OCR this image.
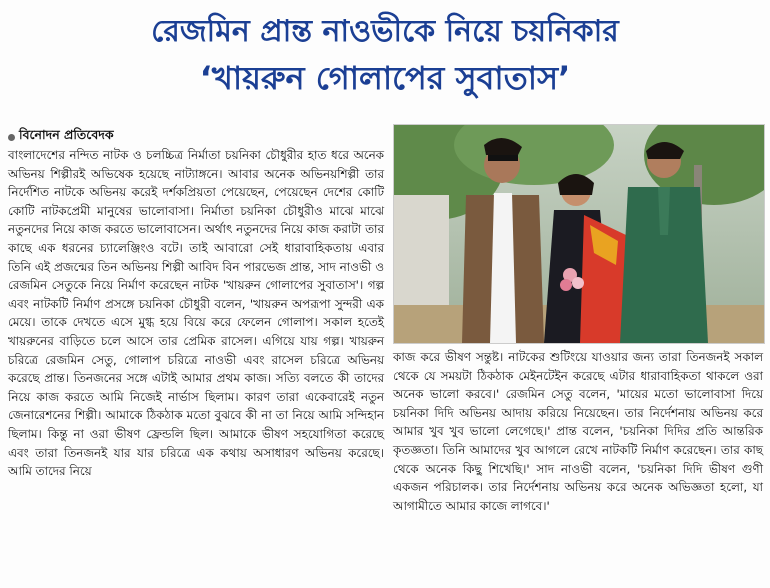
রেজমিন প্রান্ত নাওভীকে নিয়ে চয়নিকার
‘খায়রুন গোলাপের সুবাতাস’
বিনোদন প্রতিবেদক

বাংলাদেশের নন্দিত নাটক ও চলচ্চিত্র নির্মাতা চয়নিকা চৌধুরীর হাত ধরে অনেক অভিনয় শিল্পীরই অভিষেক হয়েছে নাট্যাঙ্গনে। আবার অনেক অভিনয়শিল্পী তার নির্দেশিত নাটকে অভিনয় করেই দর্শকপ্রিয়তা পেয়েছেন, পেয়েছেন দেশের কোটি কোটি নাটকপ্রেমী মানুষের ভালোবাসা। নির্মাতা চয়নিকা চৌধুরীও মাঝে মাঝে নতুনদের নিয়ে কাজ করতে ভালোবাসেন। অর্থাৎ নতুনদের নিয়ে কাজ করাটা তার কাছে এক ধরনের চ্যালেঞ্জিংও বটে। তাই আবারো সেই ধারাবাহিকতায় এবার তিনি এই প্রজন্মের তিন অভিনয় শিল্পী আবিদ বিন পারভেজ প্রান্ত, সাদ নাওভী ও রেজমিন সেতুকে নিয়ে নির্মাণ করেছেন নাটক 'খায়রুন গোলাপের সুবাতাস'। গল্প এবং নাটকটি নির্মাণ প্রসঙ্গে চয়নিকা চৌধুরী বলেন, 'খায়রুন অপরূপা সুন্দরী এক মেয়ে। তাকে দেখতে এসে মুগ্ধ হয়ে বিয়ে করে ফেলেন গোলাপ। সকাল হতেই খায়রুনের বাড়িতে চলে আসে তার প্রেমিক রাসেল। এগিয়ে যায় গল্প। খায়রুন চরিত্রে রেজমিন সেতু, গোলাপ চরিত্রে নাওভী এবং রাসেল চরিত্রে অভিনয় করেছে প্রান্ত। তিনজনের সঙ্গে এটাই আমার প্রথম কাজ। সত্যি বলতে কী তাদের নিয়ে কাজ করতে আমি নিজেই নার্ভাস ছিলাম। কারণ তারা একেবারেই নতুন জেনারেশনের শিল্পী। আমাকে ঠিকঠাক মতো বুঝবে কী না তা নিয়ে আমি সন্দিহান ছিলাম। কিন্তু না ওরা ভীষণ ফ্রেন্ডলি ছিল। আমাকে ভীষণ সহযোগিতা করেছে এবং তারা তিনজনই যার যার চরিত্রে এক কথায় অসাধারণ অভিনয় করেছে। আমি তাদের নিয়ে

কাজ করে ভীষণ সন্তুষ্ট। নাটকের শুটিংয়ে যাওয়ার জন্য তারা তিনজনই সকাল থেকে যে সময়টা ঠিকঠাক মেইনটেইন করেছে এটার ধারাবাহিকতা থাকলে ওরা অনেক ভালো করবে।' রেজমিন সেতু বলেন, 'মায়ের মতো ভালোবাসা দিয়ে চয়নিকা দিদি অভিনয় আদায় করিয়ে নিয়েছেন। তার নির্দেশনায় অভিনয় করে আমার খুব খুব ভালো লেগেছে।' প্রান্ত বলেন, 'চয়নিকা দিদির প্রতি আন্তরিক কৃতজ্ঞতা। তিনি আমাদের খুব আগলে রেখে নাটকটি নির্মাণ করেছেন। তার কাছ থেকে অনেক কিছু শিখেছি।' সাদ নাওভী বলেন, 'চয়নিকা দিদি ভীষণ গুণী একজন পরিচালক। তার নির্দেশনায় অভিনয় করে অনেক অভিজ্ঞতা হলো, যা আগামীতে আমার কাজে লাগবে।'
